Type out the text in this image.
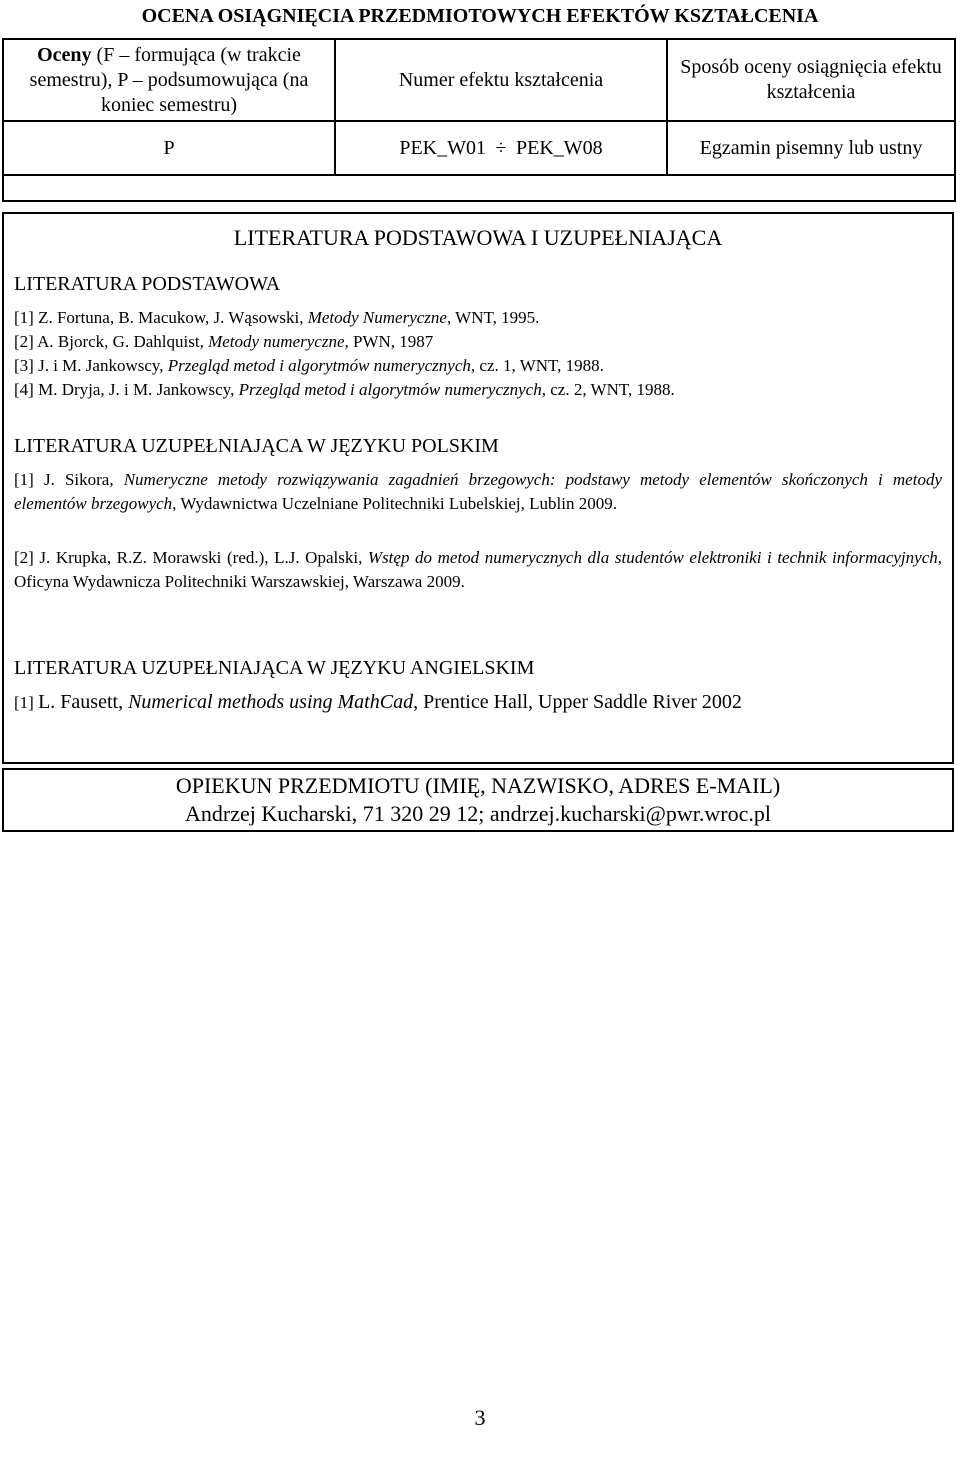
OCENA OSIĄGNIĘCIA PRZEDMIOTOWYCH EFEKTÓW KSZTAŁCENIA
Oceny (F – formująca (w trakcie semestru), P – podsumowująca (na koniec semestru)	Numer efektu kształcenia	Sposób oceny osiągnięcia efektu kształcenia
P	PEK_W01 ÷ PEK_W08	Egzamin pisemny lub ustny

LITERATURA PODSTAWOWA I UZUPEŁNIAJĄCA
LITERATURA PODSTAWOWA
[1] Z. Fortuna, B. Macukow, J. Wąsowski, Metody Numeryczne, WNT, 1995.
[2] A. Bjorck, G. Dahlquist, Metody numeryczne, PWN, 1987
[3] J. i M. Jankowscy, Przegląd metod i algorytmów numerycznych, cz. 1, WNT, 1988.
[4] M. Dryja, J. i M. Jankowscy, Przegląd metod i algorytmów numerycznych, cz. 2, WNT, 1988.
LITERATURA UZUPEŁNIAJĄCA W JĘZYKU POLSKIM
[1] J. Sikora, Numeryczne metody rozwiązywania zagadnień brzegowych: podstawy metody elementów skończonych i metody elementów brzegowych, Wydawnictwa Uczelniane Politechniki Lubelskiej, Lublin 2009.
[2] J. Krupka, R.Z. Morawski (red.), L.J. Opalski, Wstęp do metod numerycznych dla studentów elektroniki i technik informacyjnych, Oficyna Wydawnicza Politechniki Warszawskiej, Warszawa 2009.
LITERATURA UZUPEŁNIAJĄCA W JĘZYKU ANGIELSKIM
[1] L. Fausett, Numerical methods using MathCad, Prentice Hall, Upper Saddle River 2002
OPIEKUN PRZEDMIOTU (IMIĘ, NAZWISKO, ADRES E-MAIL)
Andrzej Kucharski, 71 320 29 12; andrzej.kucharski@pwr.wroc.pl
3
